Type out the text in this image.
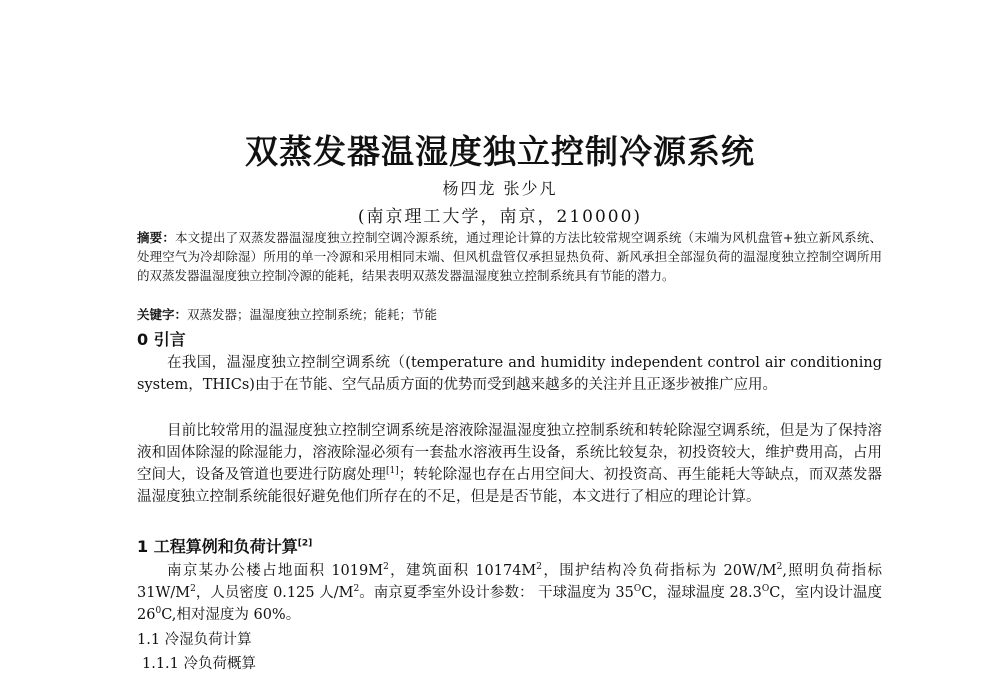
双蒸发器温湿度独立控制冷源系统
杨四龙 张少凡
(南京理工大学，南京，210000)
摘要：本文提出了双蒸发器温湿度独立控制空调冷源系统，通过理论计算的方法比较常规空调系统（末端为风机盘管+独立新风系统、处理空气为冷却除湿）所用的单一冷源和采用相同末端、但风机盘管仅承担显热负荷、新风承担全部湿负荷的温湿度独立控制空调所用的双蒸发器温湿度独立控制冷源的能耗，结果表明双蒸发器温湿度独立控制系统具有节能的潜力。
关键字：双蒸发器；温湿度独立控制系统；能耗；节能
0 引言
在我国，温湿度独立控制空调系统（(temperature and humidity independent control air conditioning system，THICs)由于在节能、空气品质方面的优势而受到越来越多的关注并且正逐步被推广应用。
目前比较常用的温湿度独立控制空调系统是溶液除湿温湿度独立控制系统和转轮除湿空调系统，但是为了保持溶液和固体除湿的除湿能力，溶液除湿必须有一套盐水溶液再生设备，系统比较复杂，初投资较大，维护费用高，占用空间大，设备及管道也要进行防腐处理[1]；转轮除湿也存在占用空间大、初投资高、再生能耗大等缺点，而双蒸发器温湿度独立控制系统能很好避免他们所存在的不足，但是是否节能，本文进行了相应的理论计算。
1 工程算例和负荷计算[2]
南京某办公楼占地面积 $1019M^2$，建筑面积 $10174M^2$，围护结构冷负荷指标为 $20W/M^2$,照明负荷指标 $31W/M^2$，人员密度 0.125 人$/M^2$。南京夏季室外设计参数： 干球温度为 $35^OC$，湿球温度 $28.3^OC$，室内设计温度 $26^0C$,相对湿度为 60%。
1.1 冷湿负荷计算
1.1.1 冷负荷概算
